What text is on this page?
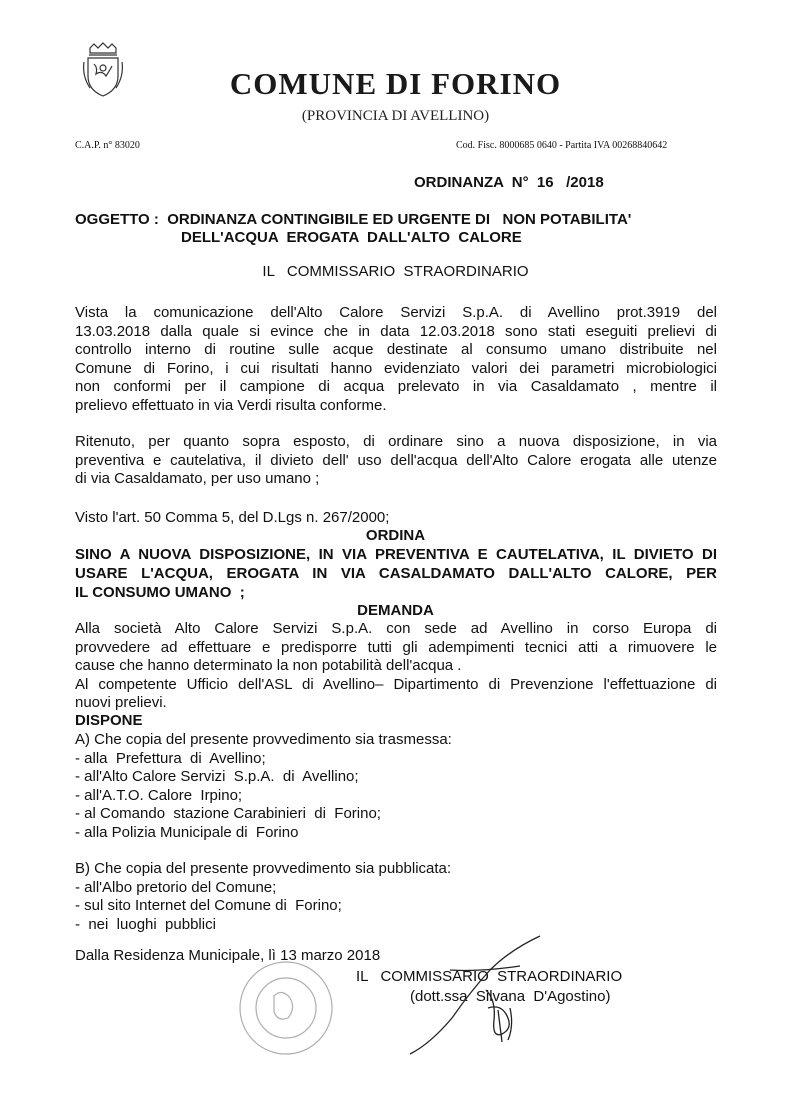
COMUNE DI FORINO
(PROVINCIA DI AVELLINO)
C.A.P. n° 83020	Cod. Fisc. 8000685 0640 - Partita IVA 00268840642
ORDINANZA  N°  16   /2018
OGGETTO :  ORDINANZA CONTINGIBILE ED URGENTE DI   NON POTABILITA'
DELL'ACQUA  EROGATA  DALL'ALTO  CALORE
IL   COMMISSARIO  STRAORDINARIO
Vista la comunicazione dell'Alto Calore Servizi S.p.A. di Avellino prot.3919 del
13.03.2018 dalla quale si evince che in data 12.03.2018 sono stati eseguiti prelievi di
controllo interno di routine sulle acque destinate al consumo umano distribuite nel
Comune di Forino, i cui risultati hanno evidenziato valori dei parametri microbiologici
non conformi per il campione di acqua prelevato in via Casaldamato , mentre il
prelievo effettuato in via Verdi risulta conforme.
Ritenuto, per quanto sopra esposto, di ordinare sino a nuova disposizione, in via
preventiva e cautelativa, il divieto dell' uso dell'acqua dell'Alto Calore erogata alle utenze
di via Casaldamato, per uso umano ;
Visto l'art. 50 Comma 5, del D.Lgs n. 267/2000;
ORDINA
SINO A NUOVA DISPOSIZIONE, IN VIA PREVENTIVA E CAUTELATIVA, IL DIVIETO DI
USARE L'ACQUA, EROGATA IN VIA CASALDAMATO DALL'ALTO CALORE, PER
IL CONSUMO UMANO  ;
DEMANDA
Alla società Alto Calore Servizi S.p.A. con sede ad Avellino in corso Europa di
provvedere ad effettuare e predisporre tutti gli adempimenti tecnici atti a rimuovere le
cause che hanno determinato la non potabilità dell'acqua .
Al competente Ufficio dell'ASL di Avellino– Dipartimento di Prevenzione l'effettuazione di
nuovi prelievi.
DISPONE
A) Che copia del presente provvedimento sia trasmessa:
- alla  Prefettura  di  Avellino;
- all'Alto Calore Servizi  S.p.A.  di  Avellino;
- all'A.T.O. Calore  Irpino;
- al Comando  stazione Carabinieri  di  Forino;
- alla Polizia Municipale di  Forino
B) Che copia del presente provvedimento sia pubblicata:
- all'Albo pretorio del Comune;
- sul sito Internet del Comune di  Forino;
-  nei  luoghi  pubblici
Dalla Residenza Municipale, lì 13 marzo 2018
IL   COMMISSARIO  STRAORDINARIO
(dott.ssa  Silvana  D'Agostino)
